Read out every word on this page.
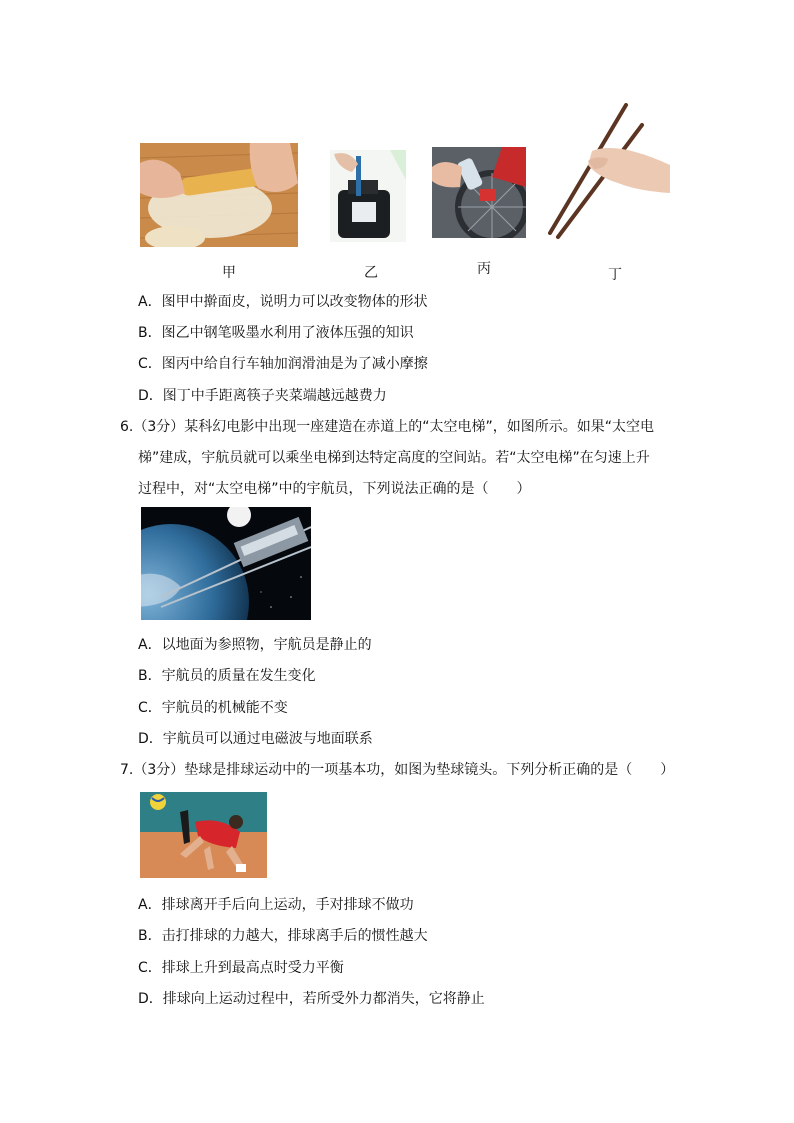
甲	乙	丙	丁
A．图甲中擀面皮，说明力可以改变物体的形状
B．图乙中钢笔吸墨水利用了液体压强的知识
C．图丙中给自行车轴加润滑油是为了减小摩擦
D．图丁中手距离筷子夹菜端越远越费力
6.（3分）某科幻电影中出现一座建造在赤道上的“太空电梯”，如图所示。如果“太空电
梯”建成，宇航员就可以乘坐电梯到达特定高度的空间站。若“太空电梯”在匀速上升
过程中，对“太空电梯”中的宇航员，下列说法正确的是（　　）
A．以地面为参照物，宇航员是静止的
B．宇航员的质量在发生变化
C．宇航员的机械能不变
D．宇航员可以通过电磁波与地面联系
7.（3分）垫球是排球运动中的一项基本功，如图为垫球镜头。下列分析正确的是（　　）
A．排球离开手后向上运动，手对排球不做功
B．击打排球的力越大，排球离手后的惯性越大
C．排球上升到最高点时受力平衡
D．排球向上运动过程中，若所受外力都消失，它将静止
